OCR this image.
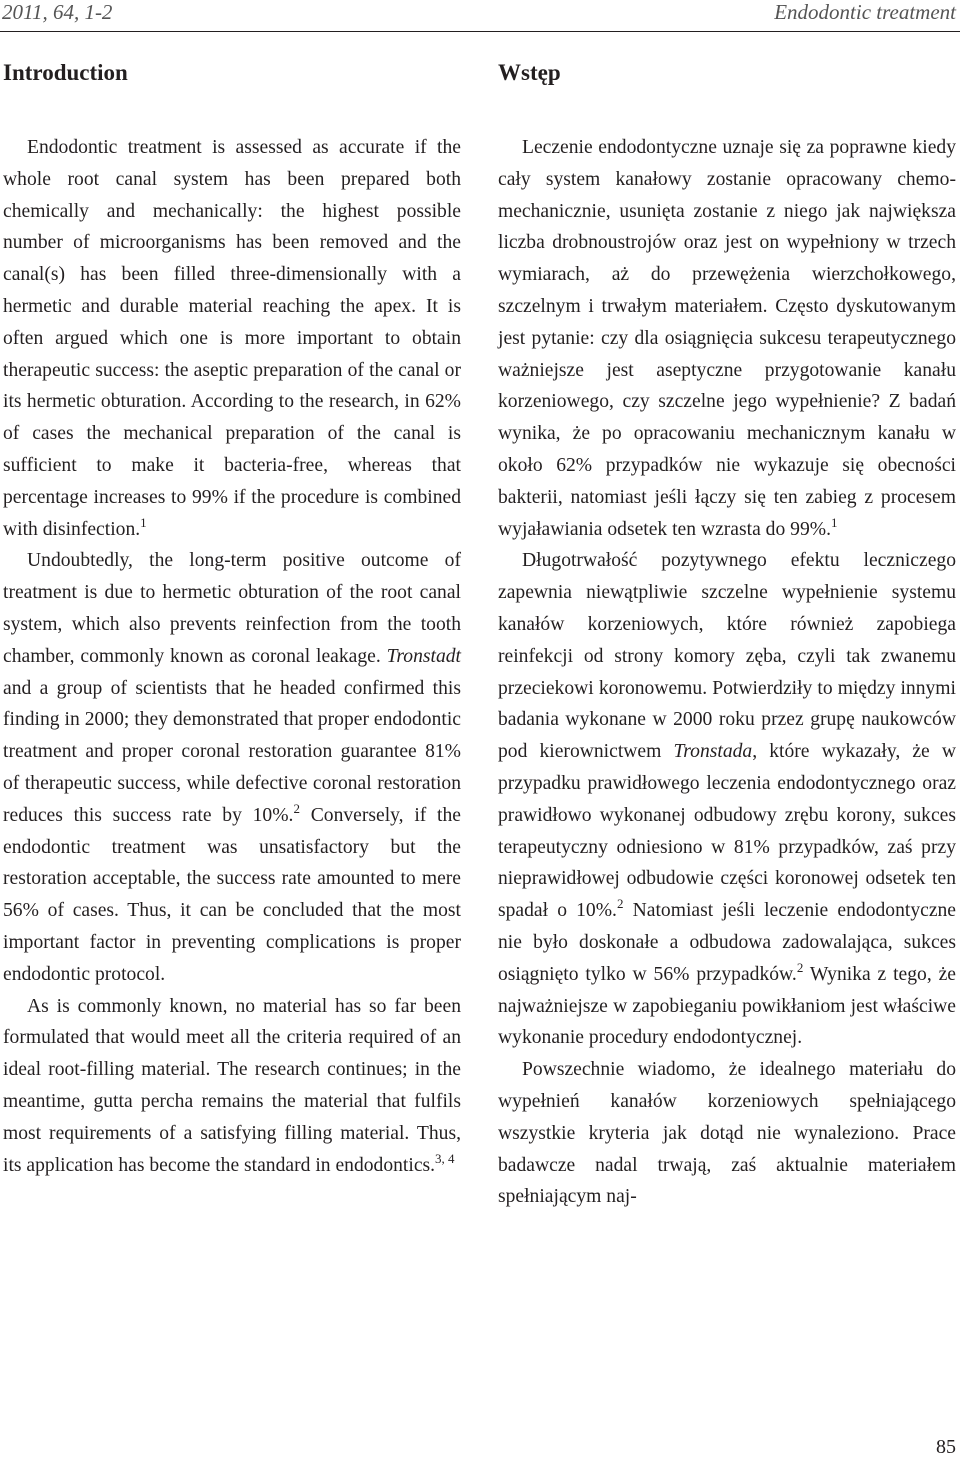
2011, 64, 1-2	Endodontic treatment
Introduction

Endodontic treatment is assessed as accurate if the whole root canal system has been prepared both chemically and mechanically: the highest possible number of microorganisms has been removed and the canal(s) has been filled three-dimensionally with a hermetic and durable material reaching the apex. It is often argued which one is more important to obtain therapeutic success: the aseptic preparation of the canal or its hermetic obturation. According to the research, in 62% of cases the mechanical preparation of the canal is sufficient to make it bacteria-free, whereas that percentage increases to 99% if the procedure is combined with disinfection.$^1$

Undoubtedly, the long-term positive outcome of treatment is due to hermetic obturation of the root canal system, which also prevents reinfection from the tooth chamber, commonly known as coronal leakage. Tronstadt and a group of scientists that he headed confirmed this finding in 2000; they demonstrated that proper endodontic treatment and proper coronal restoration guarantee 81% of therapeutic success, while defective coronal restoration reduces this success rate by 10%.$^2$ Conversely, if the endodontic treatment was unsatisfactory but the restoration acceptable, the success rate amounted to mere 56% of cases. Thus, it can be concluded that the most important factor in preventing complications is proper endodontic protocol.

As is commonly known, no material has so far been formulated that would meet all the criteria required of an ideal root-filling material. The research continues; in the meantime, gutta percha remains the material that fulfils most requirements of a satisfying filling material. Thus, its application has become the standard in endodontics.$^{3, 4}$

Wstęp

Leczenie endodontyczne uznaje się za poprawne kiedy cały system kanałowy zostanie opracowany chemo-mechanicznie, usunięta zostanie z niego jak największa liczba drobnoustrojów oraz jest on wypełniony w trzech wymiarach, aż do przewężenia wierzchołkowego, szczelnym i trwałym materiałem. Często dyskutowanym jest pytanie: czy dla osiągnięcia sukcesu terapeutycznego ważniejsze jest aseptyczne przygotowanie kanału korzeniowego, czy szczelne jego wypełnienie? Z badań wynika, że po opracowaniu mechanicznym kanału w około 62% przypadków nie wykazuje się obecności bakterii, natomiast jeśli łączy się ten zabieg z procesem wyjaławiania odsetek ten wzrasta do 99%.$^1$

Długotrwałość pozytywnego efektu leczniczego zapewnia niewątpliwie szczelne wypełnienie systemu kanałów korzeniowych, które również zapobiega reinfekcji od strony komory zęba, czyli tak zwanemu przeciekowi koronowemu. Potwierdziły to między innymi badania wykonane w 2000 roku przez grupę naukowców pod kierownictwem Tronstada, które wykazały, że w przypadku prawidłowego leczenia endodontycznego oraz prawidłowo wykonanej odbudowy zrębu korony, sukces terapeutyczny odniesiono w 81% przypadków, zaś przy nieprawidłowej odbudowie części koronowej odsetek ten spadał o 10%.$^2$ Natomiast jeśli leczenie endodontyczne nie było doskonałe a odbudowa zadowalająca, sukces osiągnięto tylko w 56% przypadków.$^2$ Wynika z tego, że najważniejsze w zapobieganiu powikłaniom jest właściwe wykonanie procedury endodontycznej.

Powszechnie wiadomo, że idealnego materiału do wypełnień kanałów korzeniowych spełniającego wszystkie kryteria jak dotąd nie wynaleziono. Prace badawcze nadal trwają, zaś aktualnie materiałem spełniającym naj-

85
